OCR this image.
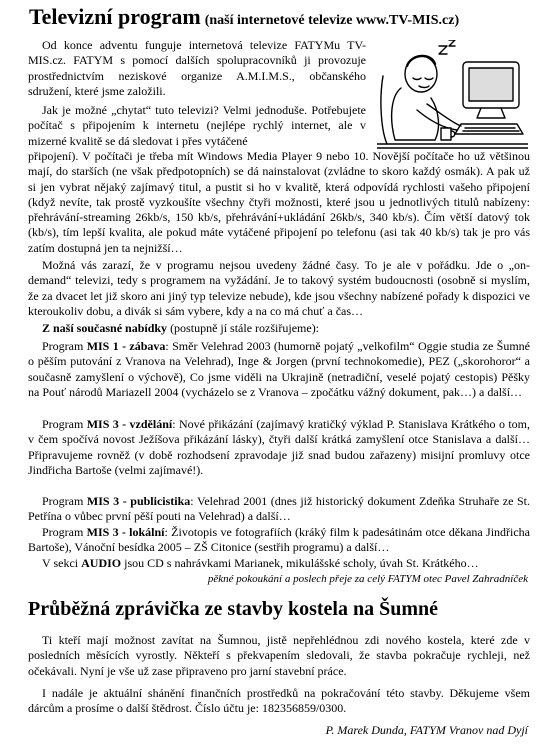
Televizní program (naší internetové televize www.TV-MIS.cz)

Od konce adventu funguje internetová televize FATYMu TV-MIS.cz. FATYM s pomocí dalších spolupracovníků ji provozuje prostřednictvím neziskové organize A.M.I.M.S., občanského sdružení, které jsme založili.

Jak je možné „chytat“ tuto televizi? Velmi jednoduše. Potřebujete počítač s připojením k internetu (nejlépe rychlý internet, ale v mizerné kvalitě se dá sledovat i přes vytáčené

Možná vás zarazí, že v programu nejsou uvedeny žádné časy. To je ale v pořádku. Jde o „on-demand“ televizi, tedy s programem na vyžádání. Je to takový systém budoucnosti (osobně si myslím, že za dvacet let již skoro ani jiný typ televize nebude), kde jsou všechny nabízené pořady k dispozici ve kteroukoliv dobu, a divák si sám vybere, kdy a na co má chuť a čas…

Z naší současné nabídky (postupně jí stále rozšiřujeme):

Program MIS 1 - zábava: Směr Velehrad 2003 (humorně pojatý „velkofilm“ Oggie studia ze Šumné o pěším putování z Vranova na Velehrad), Inge & Jorgen (první technokomedie), PEZ („skorohoror“ a současně zamyšlení o výchově), Co jsme viděli na Ukrajině (netradiční, veselé pojatý cestopis) Pěšky na Pouť národů Mariazell 2004 (vycházelo se z Vranova – zpočátku vážný dokument, pak…) a další…

Program MIS 3 - vzdělání: Nové přikázání (zajímavý kratičký výklad P. Stanislava Krátkého o tom, v čem spočívá novost Ježíšova přikázání lásky), čtyři další krátká zamyšlení otce Stanislava a další… Připravujeme rovněž (v době rozhodsení zpravodaje již snad budou zařazeny) misijní promluvy otce Jindřicha Bartoše (velmi zajímavé!).

Program MIS 3 - publicistika: Velehrad 2001 (dnes již historický dokument Zdeňka Struhaře ze St. Petřína o vůbec první pěší pouti na Velehrad) a další…

Program MIS 3 - lokální: Životopis ve fotografiích (kráký film k padesátinám otce děkana Jindřicha Bartoše), Vánoční besídka 2005 – ZŠ Citonice (sestřih programu) a další…

V sekci AUDIO jsou CD s nahrávkami Marianek, mikulášské scholy, úvah St. Krátkého…

pěkné pokoukání a poslech přeje za celý FATYM otec Pavel Zahradníček
Průběžná zprávička ze stavby kostela na Šumné

Ti kteří mají možnost zavítat na Šumnou, jistě nepřehlédnou zdi nového kostela, které zde v posledních měsících vyrostly. Někteří s překvapením sledovali, že stavba pokračuje rychleji, než očekávali. Nyní je vše už zase připraveno pro jarní stavební práce.

I nadále je aktuální shánění finančních prostředků na pokračování této stavby. Děkujeme všem dárcům a prosíme o další štědrost. Číslo účtu je: 182356859/0300.

P. Marek Dunda, FATYM Vranov nad Dyjí
připojení). V počítači je třeba mít Windows Media Player 9 nebo 10. Novější počítače ho už většinou mají, do starších (ne však předpotopních) se dá nainstalovat (zvládne to skoro každý osmák). A pak už si jen vybrat nějaký zajímavý titul, a pustit si ho v kvalitě, která odpovídá rychlosti vašeho připojení (když nevíte, tak prostě vyzkoušíte všechny čtyři možnosti, které jsou u jednotlivých titulů nabízeny: přehrávání-streaming 26kb/s, 150 kb/s, přehrávání+ukládání 26kb/s, 340 kb/s). Čím větší datový tok (kb/s), tím lepší kvalita, ale pokud máte vytáčené připojení po telefonu (asi tak 40 kb/s) tak je pro vás zatím dostupná jen ta nejnižší…
